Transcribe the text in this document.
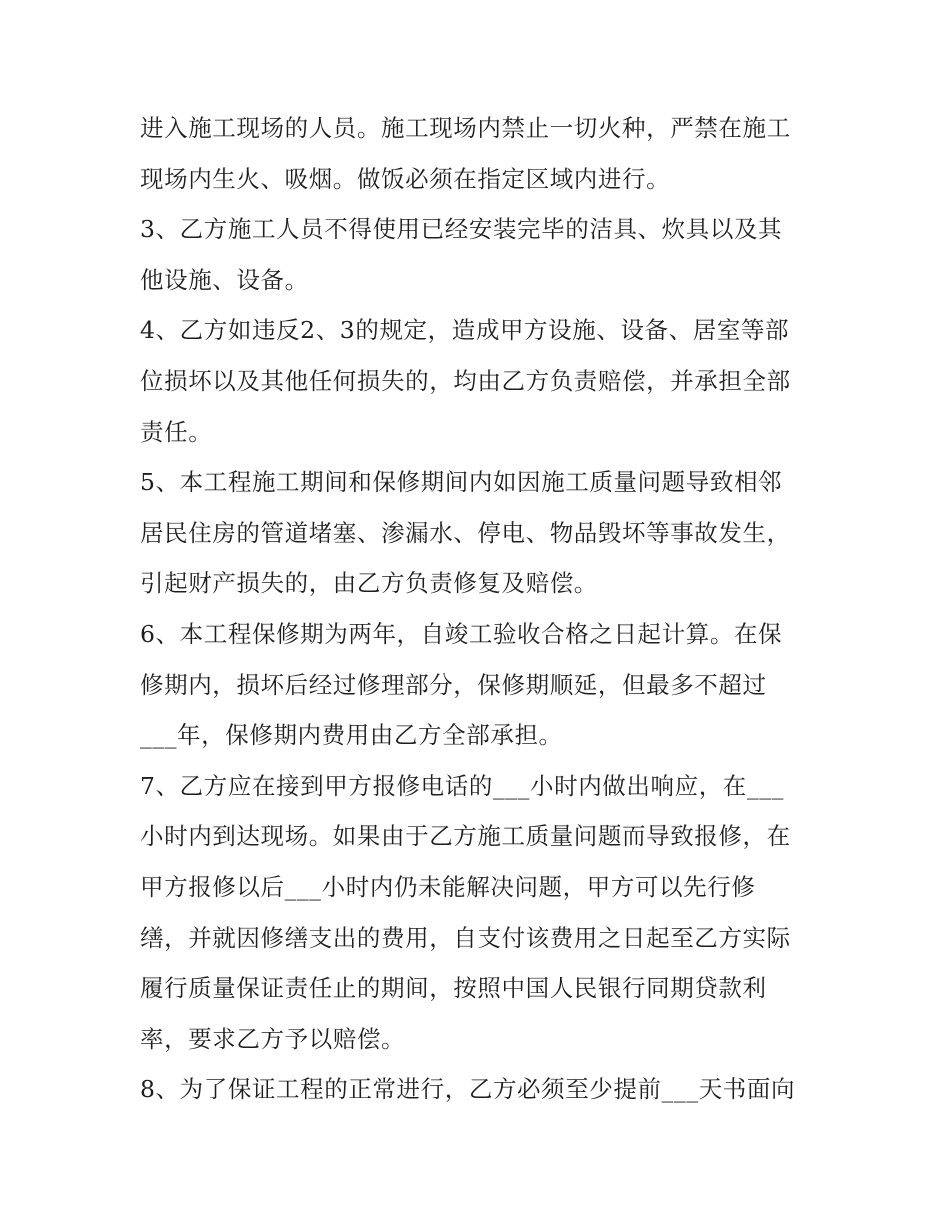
进入施工现场的人员。施工现场内禁止一切火种，严禁在施工
现场内生火、吸烟。做饭必须在指定区域内进行。
3、乙方施工人员不得使用已经安装完毕的洁具、炊具以及其
他设施、设备。
4、乙方如违反2、3的规定，造成甲方设施、设备、居室等部
位损坏以及其他任何损失的，均由乙方负责赔偿，并承担全部
责任。
5、本工程施工期间和保修期间内如因施工质量问题导致相邻
居民住房的管道堵塞、渗漏水、停电、物品毁坏等事故发生，
引起财产损失的，由乙方负责修复及赔偿。
6、本工程保修期为两年，自竣工验收合格之日起计算。在保
修期内，损坏后经过修理部分，保修期顺延，但最多不超过
___年，保修期内费用由乙方全部承担。
7、乙方应在接到甲方报修电话的___小时内做出响应，在___
小时内到达现场。如果由于乙方施工质量问题而导致报修，在
甲方报修以后___小时内仍未能解决问题，甲方可以先行修
缮，并就因修缮支出的费用，自支付该费用之日起至乙方实际
履行质量保证责任止的期间，按照中国人民银行同期贷款利
率，要求乙方予以赔偿。
8、为了保证工程的正常进行，乙方必须至少提前___天书面向
